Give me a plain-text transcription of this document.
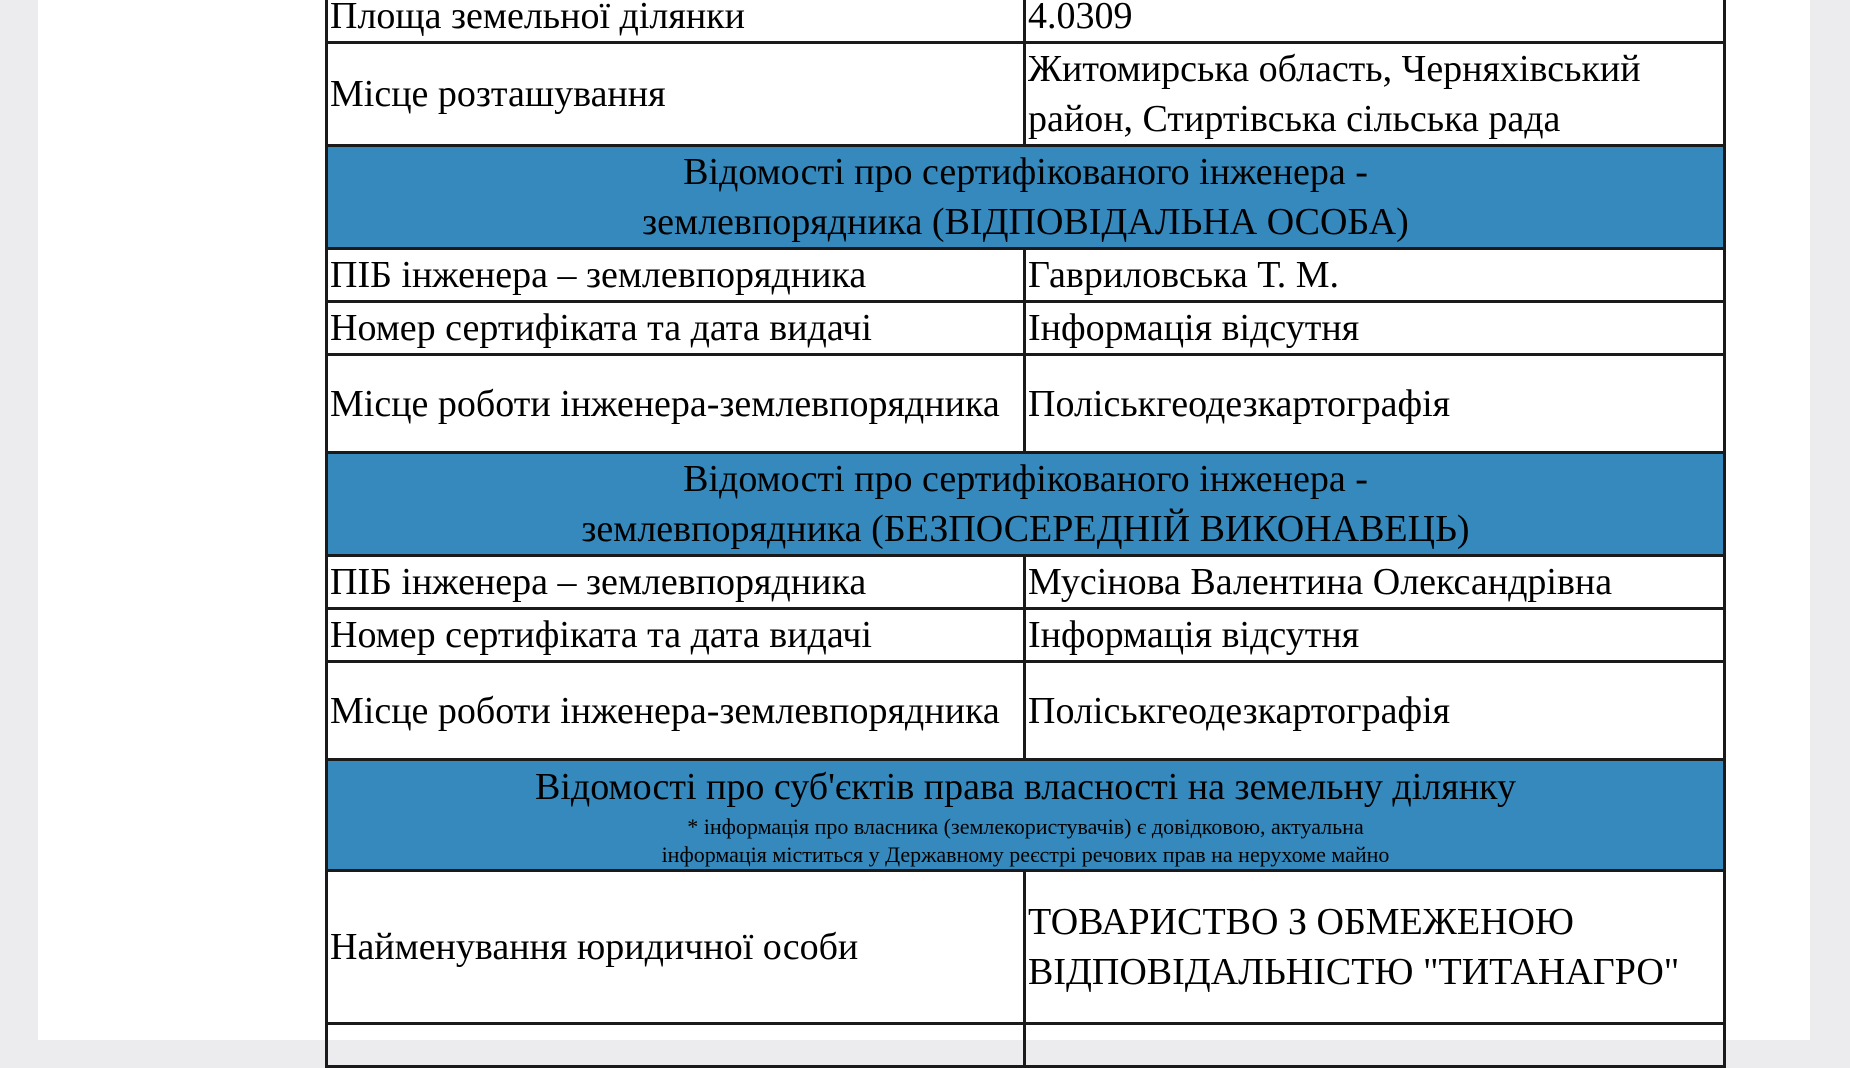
Площа земельної ділянки	4.0309
Місце розташування	Житомирська область, Черняхівський район, Стиртівська сільська рада

Відомості про сертифікованого інженера -
землевпорядника (ВІДПОВІДАЛЬНА ОСОБА)	

ПІБ інженера – землевпорядника	Гавриловська Т. М.
Номер сертифіката та дата видачі	Інформація відсутня
Місце роботи інженера-землевпорядника	Поліськгеодезкартографія

Відомості про сертифікованого інженера -
землевпорядника (БЕЗПОСЕРЕДНІЙ ВИКОНАВЕЦЬ)	

ПІБ інженера – землевпорядника	Мусінова Валентина Олександрівна
Номер сертифіката та дата видачі	Інформація відсутня
Місце роботи інженера-землевпорядника	Поліськгеодезкартографія

Відомості про суб'єктів права власності на земельну ділянку
* інформація про власника (землекористувачів) є довідковою, актуальна
інформація міститься у Державному реєстрі речових прав на нерухоме майно	

Найменування юридичної особи	ТОВАРИСТВО З ОБМЕЖЕНОЮ ВІДПОВІДАЛЬНІСТЮ "ТИТАНАГРО"
